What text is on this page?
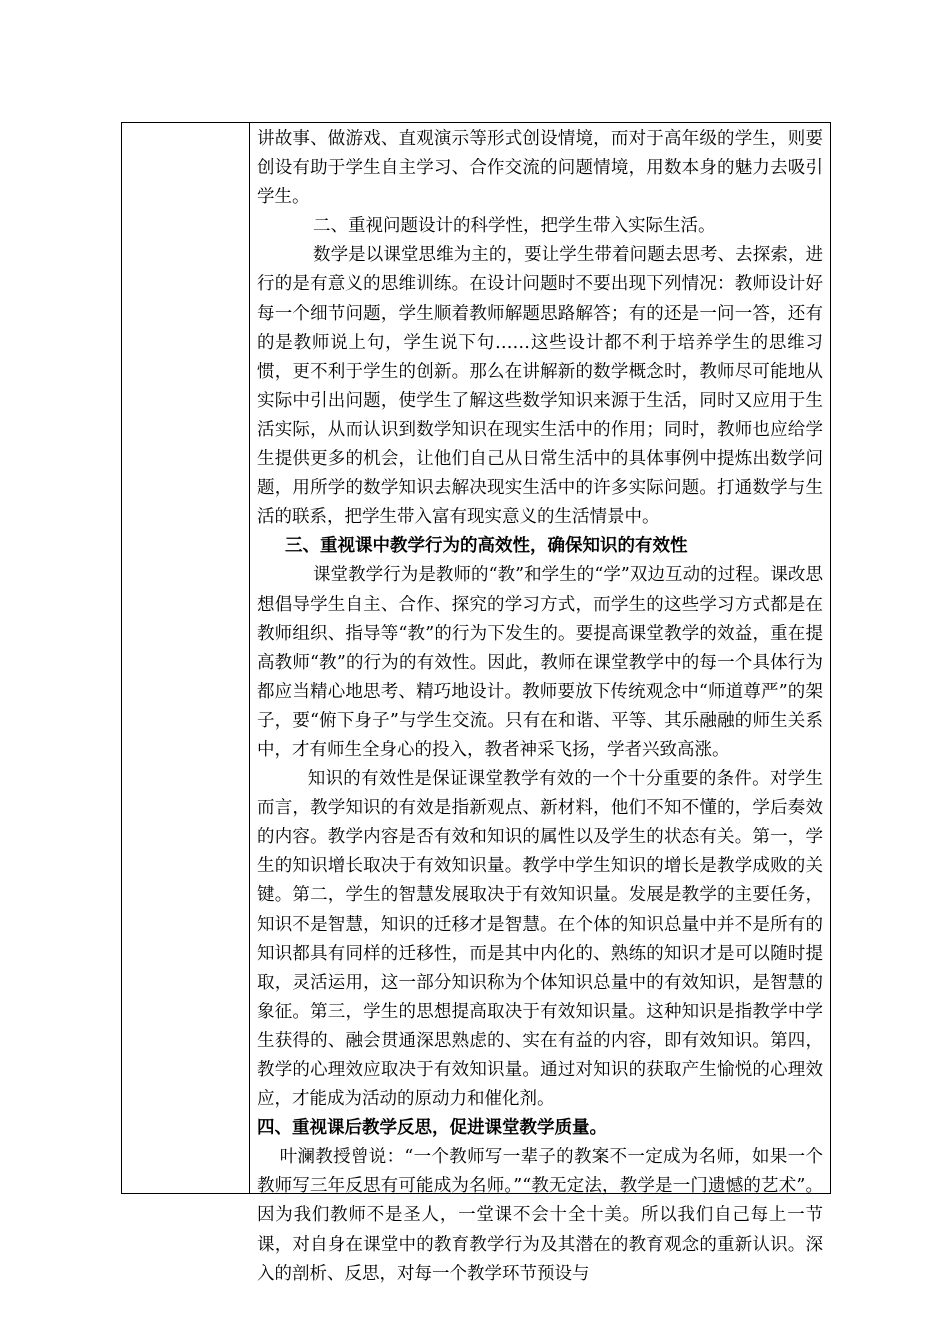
讲故事、做游戏、直观演示等形式创设情境，而对于高年级的学生，则要创设有助于学生自主学习、合作交流的问题情境，用数本身的魅力去吸引学生。

二、重视问题设计的科学性，把学生带入实际生活。

数学是以课堂思维为主的，要让学生带着问题去思考、去探索，进行的是有意义的思维训练。在设计问题时不要出现下列情况：教师设计好每一个细节问题，学生顺着教师解题思路解答；有的还是一问一答，还有的是教师说上句，学生说下句……这些设计都不利于培养学生的思维习惯，更不利于学生的创新。那么在讲解新的数学概念时，教师尽可能地从实际中引出问题，使学生了解这些数学知识来源于生活，同时又应用于生活实际，从而认识到数学知识在现实生活中的作用；同时，教师也应给学生提供更多的机会，让他们自己从日常生活中的具体事例中提炼出数学问题，用所学的数学知识去解决现实生活中的许多实际问题。打通数学与生活的联系，把学生带入富有现实意义的生活情景中。

三、重视课中教学行为的高效性，确保知识的有效性

课堂教学行为是教师的“教”和学生的“学”双边互动的过程。课改思想倡导学生自主、合作、探究的学习方式，而学生的这些学习方式都是在教师组织、指导等“教”的行为下发生的。要提高课堂教学的效益，重在提高教师“教”的行为的有效性。因此，教师在课堂教学中的每一个具体行为都应当精心地思考、精巧地设计。教师要放下传统观念中“师道尊严”的架子，要“俯下身子”与学生交流。只有在和谐、平等、其乐融融的师生关系中，才有师生全身心的投入，教者神采飞扬，学者兴致高涨。

知识的有效性是保证课堂教学有效的一个十分重要的条件。对学生而言，教学知识的有效是指新观点、新材料，他们不知不懂的，学后奏效的内容。教学内容是否有效和知识的属性以及学生的状态有关。第一，学生的知识增长取决于有效知识量。教学中学生知识的增长是教学成败的关键。第二，学生的智慧发展取决于有效知识量。发展是教学的主要任务，知识不是智慧，知识的迁移才是智慧。在个体的知识总量中并不是所有的知识都具有同样的迁移性，而是其中内化的、熟练的知识才是可以随时提取，灵活运用，这一部分知识称为个体知识总量中的有效知识，是智慧的象征。第三，学生的思想提高取决于有效知识量。这种知识是指教学中学生获得的、融会贯通深思熟虑的、实在有益的内容，即有效知识。第四，教学的心理效应取决于有效知识量。通过对知识的获取产生愉悦的心理效应，才能成为活动的原动力和催化剂。

四、重视课后教学反思，促进课堂教学质量。

叶澜教授曾说：“一个教师写一辈子的教案不一定成为名师，如果一个教师写三年反思有可能成为名师。”“教无定法，教学是一门遗憾的艺术”。因为我们教师不是圣人，一堂课不会十全十美。所以我们自己每上一节课，对自身在课堂中的教育教学行为及其潜在的教育观念的重新认识。深入的剖析、反思，对每一个教学环节预设与
